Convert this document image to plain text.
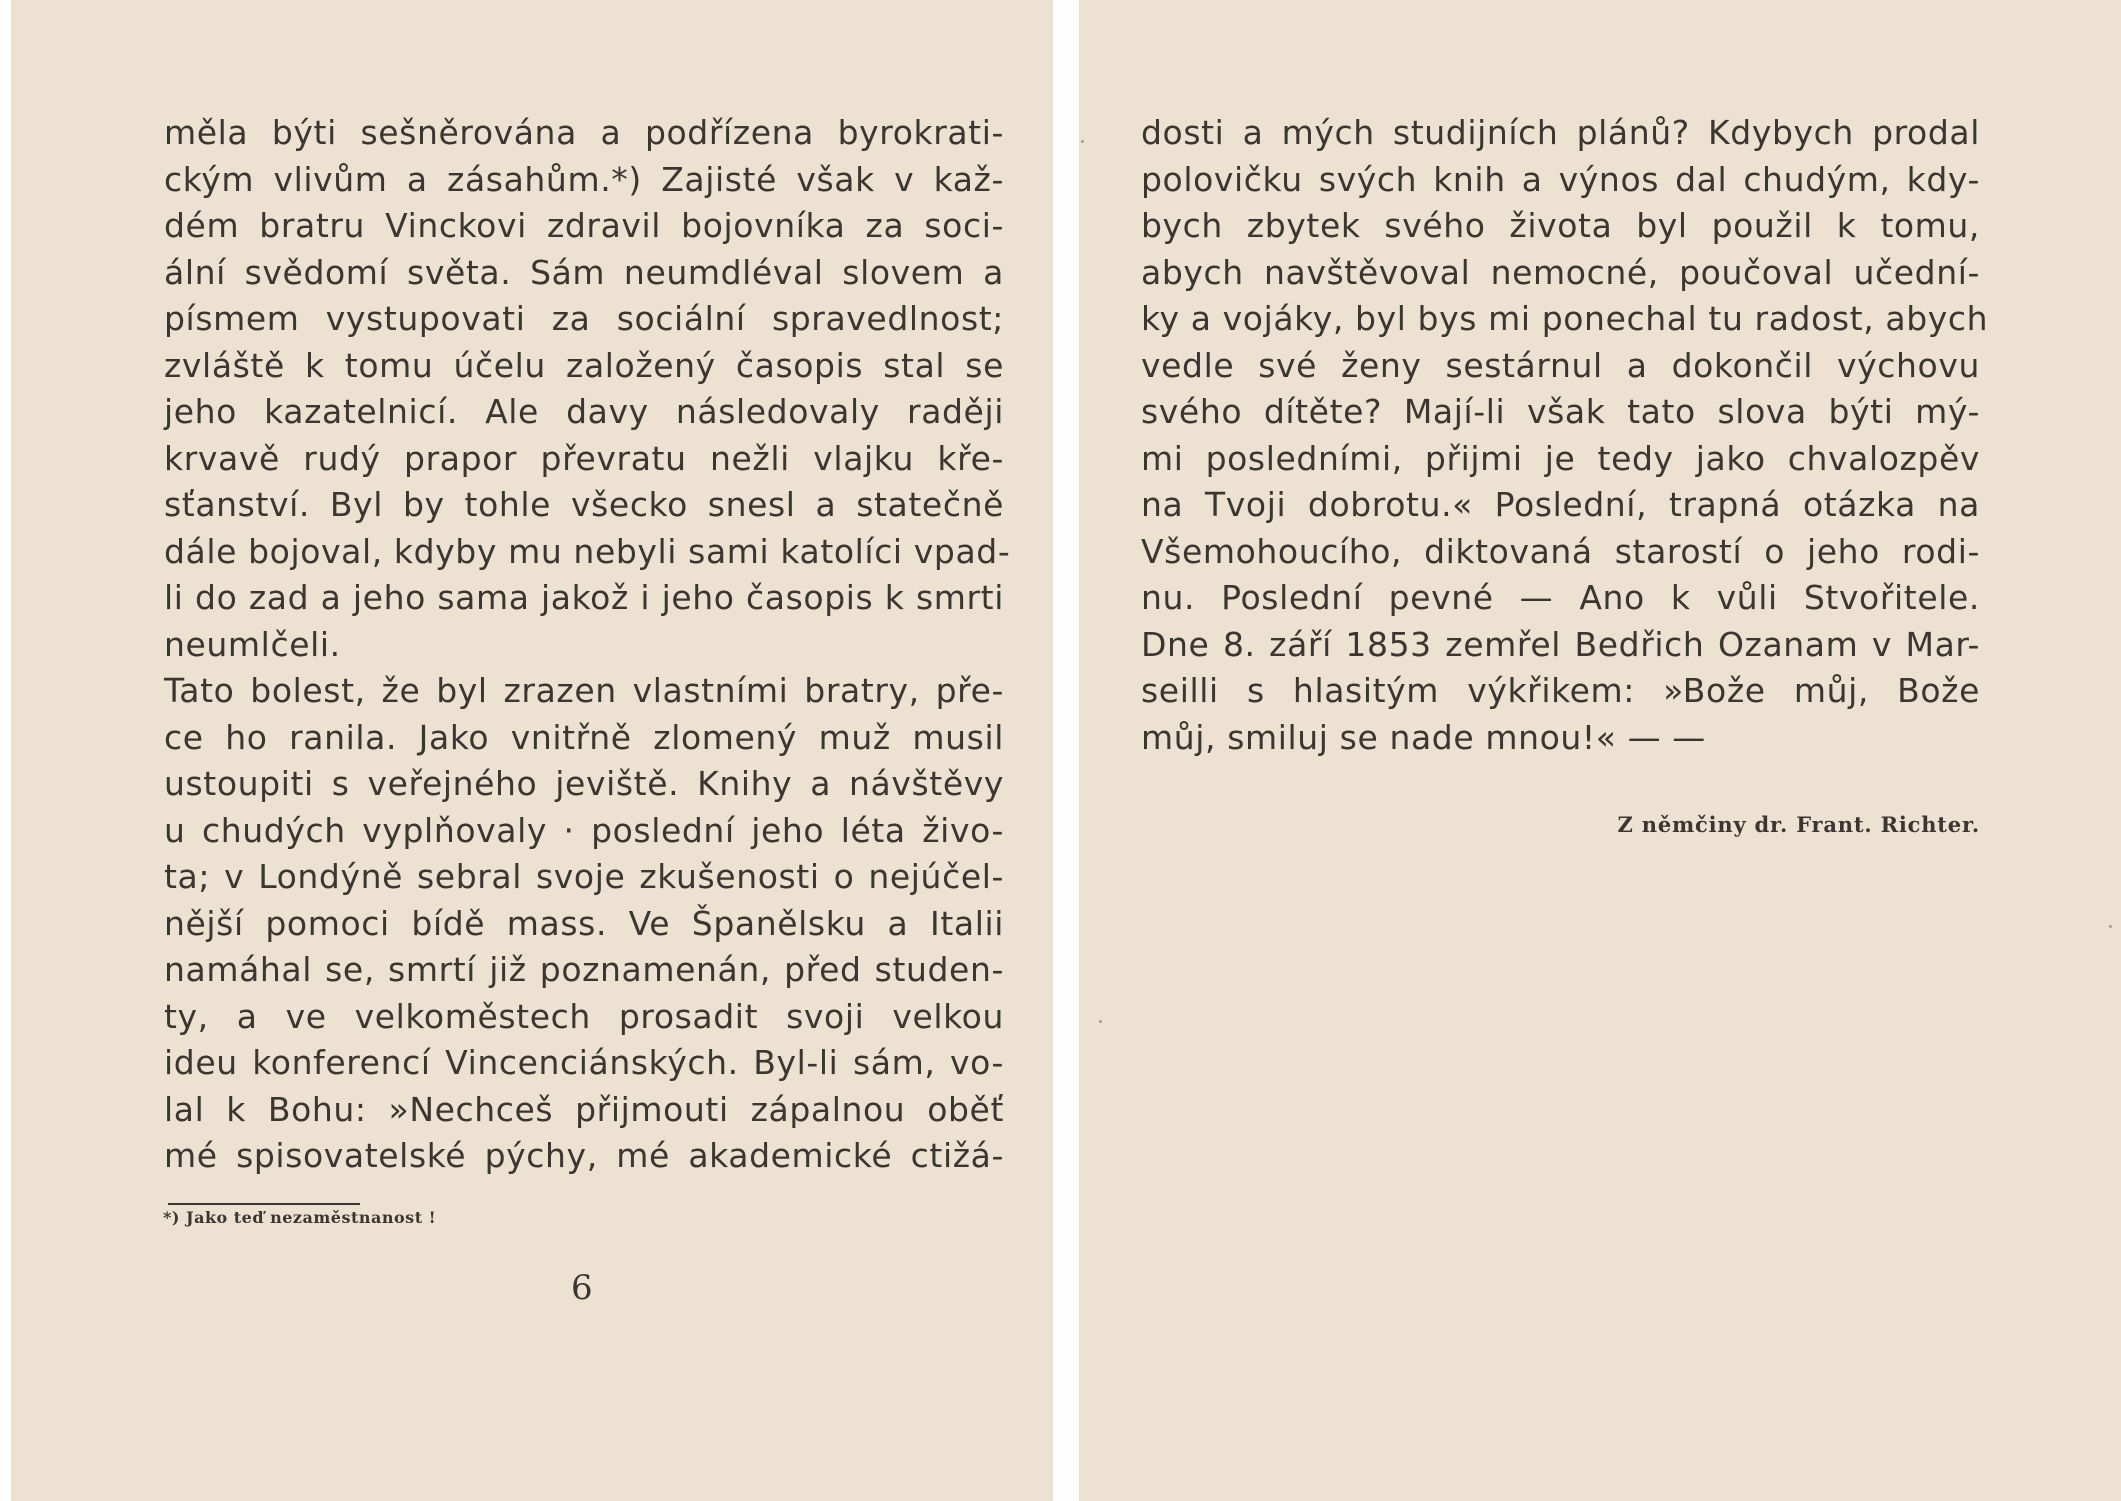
měla býti sešněrována a podřízena byrokrati-
ckým vlivům a zásahům.*) Zajisté však v kaž-
dém bratru Vinckovi zdravil bojovníka za soci-
ální svědomí světa. Sám neumdléval slovem a
písmem vystupovati za sociální spravedlnost;
zvláště k tomu účelu založený časopis stal se
jeho kazatelnicí. Ale davy následovaly raději
krvavě rudý prapor převratu nežli vlajku kře-
sťanství. Byl by tohle všecko snesl a statečně
dále bojoval, kdyby mu nebyli sami katolíci vpad-
li do zad a jeho sama jakož i jeho časopis k smrti
neumlčeli.
Tato bolest, že byl zrazen vlastními bratry, pře-
ce ho ranila. Jako vnitřně zlomený muž musil
ustoupiti s veřejného jeviště. Knihy a návštěvy
u chudých vyplňovaly · poslední jeho léta živo-
ta; v Londýně sebral svoje zkušenosti o nejúčel-
nější pomoci bídě mass. Ve Španělsku a Italii
namáhal se, smrtí již poznamenán, před studen-
ty, a ve velkoměstech prosadit svoji velkou
ideu konferencí Vincenciánských. Byl-li sám, vo-
lal k Bohu: »Nechceš přijmouti zápalnou oběť
mé spisovatelské pýchy, mé akademické ctižá-
*) Jako teď nezaměstnanost !
6
dosti a mých studijních plánů? Kdybych prodal
polovičku svých knih a výnos dal chudým, kdy-
bych zbytek svého života byl použil k tomu,
abych navštěvoval nemocné, poučoval učední-
ky a vojáky, byl bys mi ponechal tu radost, abych
vedle své ženy sestárnul a dokončil výchovu
svého dítěte? Mají-li však tato slova býti mý-
mi posledními, přijmi je tedy jako chvalozpěv
na Tvoji dobrotu.« Poslední, trapná otázka na
Všemohoucího, diktovaná starostí o jeho rodi-
nu. Poslední pevné — Ano k vůli Stvořitele.
Dne 8. září 1853 zemřel Bedřich Ozanam v Mar-
seilli s hlasitým výkřikem: »Bože můj, Bože
můj, smiluj se nade mnou!« — —
Z němčiny dr. Frant. Richter.
